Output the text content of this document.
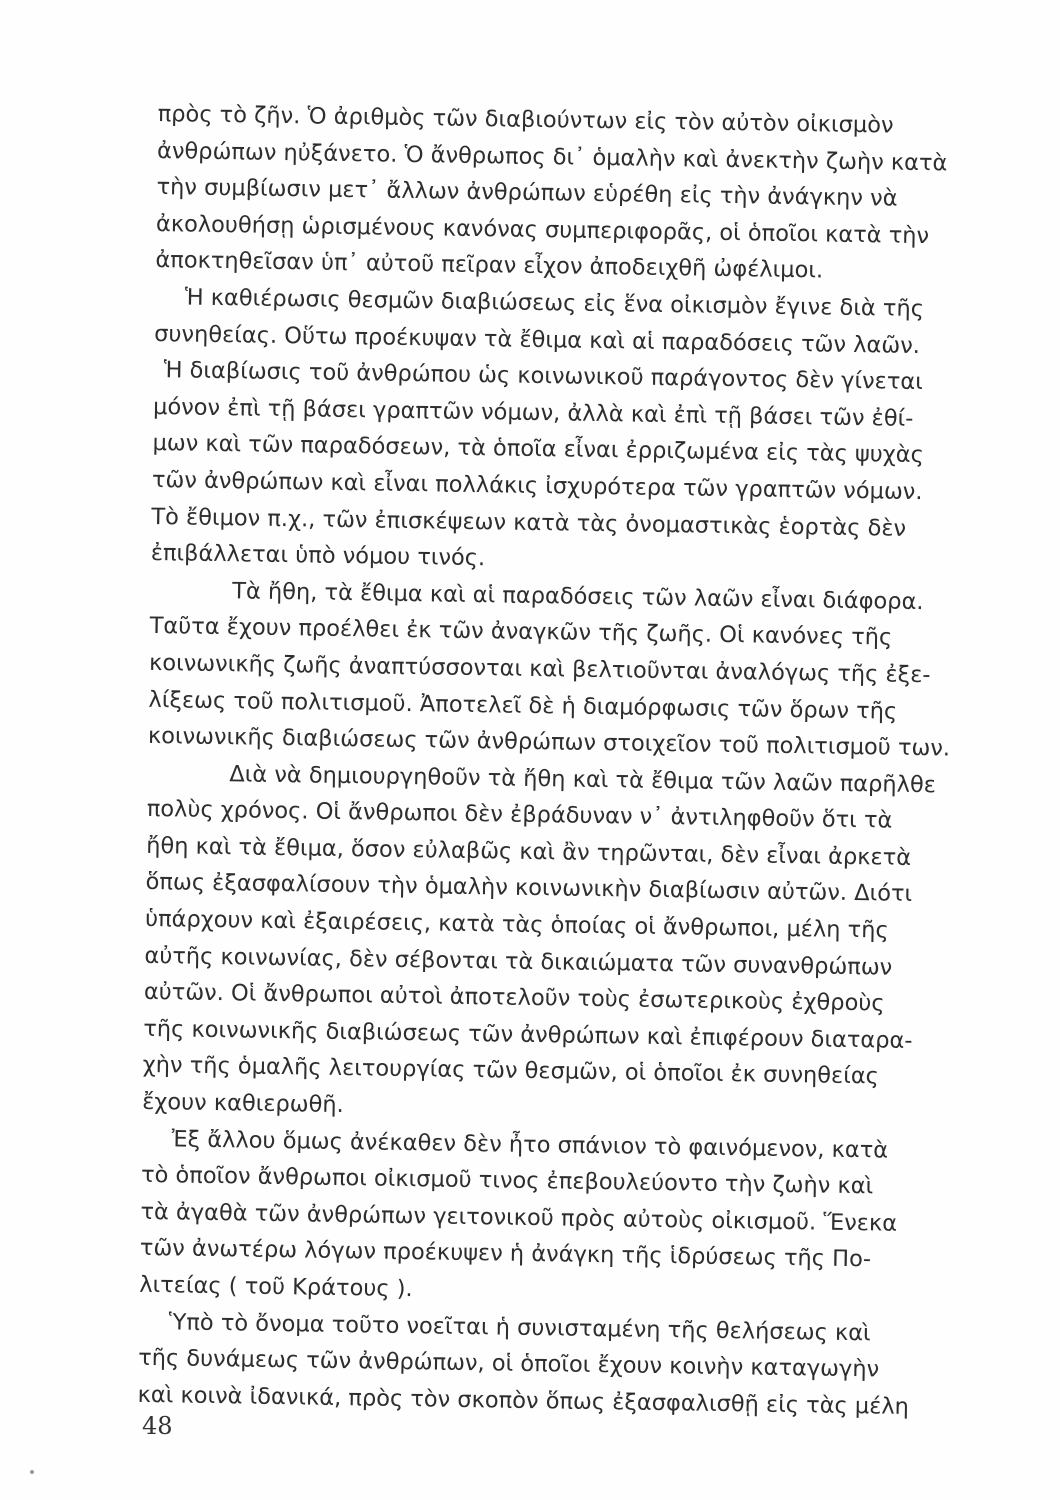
πρὸς τὸ ζῆν. Ὁ ἀριθμὸς τῶν διαβιούντων εἰς τὸν αὐτὸν οἰκισμὸν
ἀνθρώπων ηὐξάνετο. Ὁ ἄνθρωπος δι᾽ ὁμαλὴν καὶ ἀνεκτὴν ζωὴν κατὰ
τὴν συμβίωσιν μετ᾽ ἄλλων ἀνθρώπων εὑρέθη εἰς τὴν ἀνάγκην νὰ
ἀκολουθήσῃ ὡρισμένους κανόνας συμπεριφορᾶς, οἱ ὁποῖοι κατὰ τὴν
ἀποκτηθεῖσαν ὑπ᾽ αὐτοῦ πεῖραν εἶχον ἀποδειχθῆ ὠφέλιμοι.
Ἡ καθιέρωσις θεσμῶν διαβιώσεως εἰς ἕνα οἰκισμὸν ἔγινε διὰ τῆς
συνηθείας. Οὕτω προέκυψαν τὰ ἔθιμα καὶ αἱ παραδόσεις τῶν λαῶν.
Ἡ διαβίωσις τοῦ ἀνθρώπου ὡς κοινωνικοῦ παράγοντος δὲν γίνεται
μόνον ἐπὶ τῇ βάσει γραπτῶν νόμων, ἀλλὰ καὶ ἐπὶ τῇ βάσει τῶν ἐθί-
μων καὶ τῶν παραδόσεων, τὰ ὁποῖα εἶναι ἐρριζωμένα εἰς τὰς ψυχὰς
τῶν ἀνθρώπων καὶ εἶναι πολλάκις ἰσχυρότερα τῶν γραπτῶν νόμων.
Τὸ ἔθιμον π.χ., τῶν ἐπισκέψεων κατὰ τὰς ὀνομαστικὰς ἑορτὰς δὲν
ἐπιβάλλεται ὑπὸ νόμου τινός.
Τὰ ἤθη, τὰ ἔθιμα καὶ αἱ παραδόσεις τῶν λαῶν εἶναι διάφορα.
Ταῦτα ἔχουν προέλθει ἐκ τῶν ἀναγκῶν τῆς ζωῆς. Οἱ κανόνες τῆς
κοινωνικῆς ζωῆς ἀναπτύσσονται καὶ βελτιοῦνται ἀναλόγως τῆς ἐξε-
λίξεως τοῦ πολιτισμοῦ. Ἀποτελεῖ δὲ ἡ διαμόρφωσις τῶν ὅρων τῆς
κοινωνικῆς διαβιώσεως τῶν ἀνθρώπων στοιχεῖον τοῦ πολιτισμοῦ των.
Διὰ νὰ δημιουργηθοῦν τὰ ἤθη καὶ τὰ ἔθιμα τῶν λαῶν παρῆλθε
πολὺς χρόνος. Οἱ ἄνθρωποι δὲν ἐβράδυναν ν᾽ ἀντιληφθοῦν ὅτι τὰ
ἤθη καὶ τὰ ἔθιμα, ὅσον εὐλαβῶς καὶ ἂν τηρῶνται, δὲν εἶναι ἀρκετὰ
ὅπως ἐξασφαλίσουν τὴν ὁμαλὴν κοινωνικὴν διαβίωσιν αὐτῶν. Διότι
ὑπάρχουν καὶ ἐξαιρέσεις, κατὰ τὰς ὁποίας οἱ ἄνθρωποι, μέλη τῆς
αὐτῆς κοινωνίας, δὲν σέβονται τὰ δικαιώματα τῶν συνανθρώπων
αὐτῶν. Οἱ ἄνθρωποι αὐτοὶ ἀποτελοῦν τοὺς ἐσωτερικοὺς ἐχθροὺς
τῆς κοινωνικῆς διαβιώσεως τῶν ἀνθρώπων καὶ ἐπιφέρουν διαταρα-
χὴν τῆς ὁμαλῆς λειτουργίας τῶν θεσμῶν, οἱ ὁποῖοι ἐκ συνηθείας
ἔχουν καθιερωθῆ.
Ἐξ ἄλλου ὅμως ἀνέκαθεν δὲν ἦτο σπάνιον τὸ φαινόμενον, κατὰ
τὸ ὁποῖον ἄνθρωποι οἰκισμοῦ τινος ἐπεβουλεύοντο τὴν ζωὴν καὶ
τὰ ἀγαθὰ τῶν ἀνθρώπων γειτονικοῦ πρὸς αὐτοὺς οἰκισμοῦ. Ἕνεκα
τῶν ἀνωτέρω λόγων προέκυψεν ἡ ἀνάγκη τῆς ἱδρύσεως τῆς Πο-
λιτείας ( τοῦ Κράτους ).
Ὑπὸ τὸ ὄνομα τοῦτο νοεῖται ἡ συνισταμένη τῆς θελήσεως καὶ
τῆς δυνάμεως τῶν ἀνθρώπων, οἱ ὁποῖοι ἔχουν κοινὴν καταγωγὴν
καὶ κοινὰ ἰδανικά, πρὸς τὸν σκοπὸν ὅπως ἐξασφαλισθῇ εἰς τὰς μέλη
48
